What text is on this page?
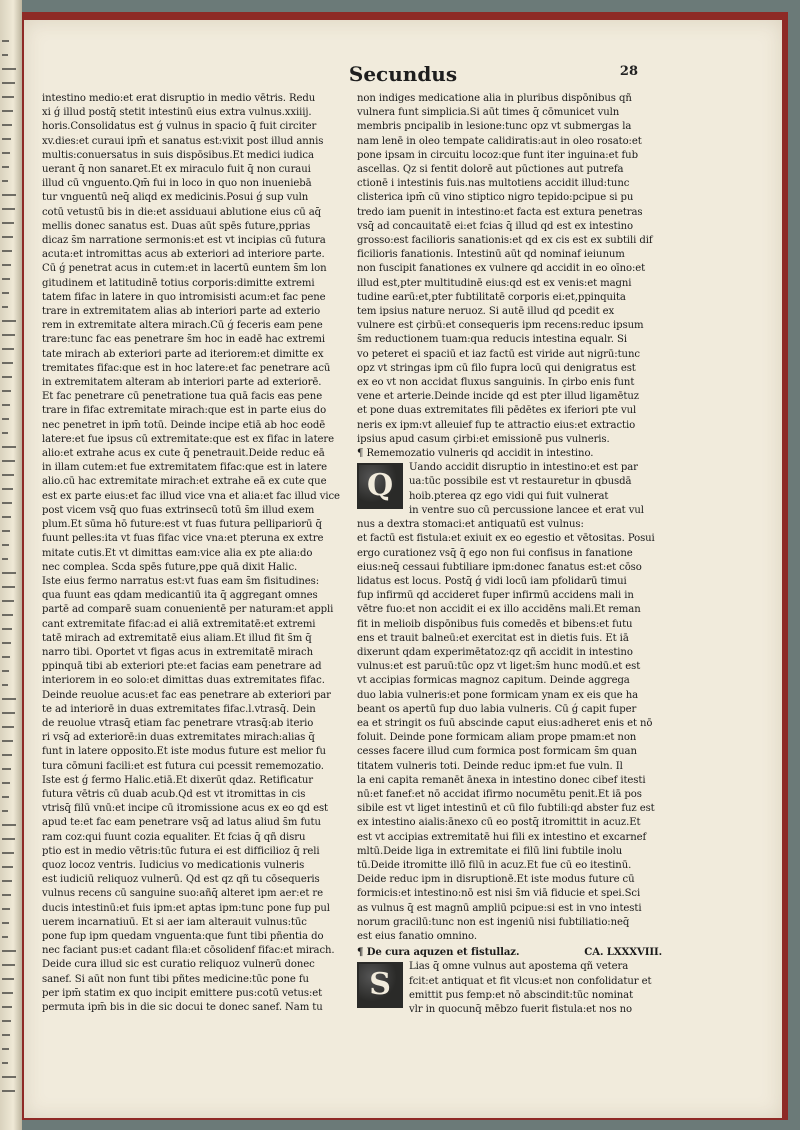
Secundus	28

intestino medio:et erat disruptio in medio vētris. Redu

xi ǵ illud postq̄ stetit intestinū eius extra vulnus.xxiiij.

horis.Consolidatus est ǵ vulnus in spacio q̄ fuit circiter

xv.dies:et curaui ipm̄ et sanatus est:vixit post illud annis

multis:conuersatus in suis dispōsibus.Et medici iudica

uerant q̄ non sanaret.Et ex miraculo fuit q̄ non curaui

illud cū vnguento.Qm̄ fui in loco in quo non inueniebā

tur vnguentū neq̄ aliqd ex medicinis.Posui ǵ sup vuln

cotū vetustū bis in die:et assiduaui ablutione eius cū aq̄

mellis donec sanatus est. Duas aūt spēs future,pprias

dicaz s̄m narratione sermonis:et est vt incipias cū futura

acuta:et intromittas acus ab exteriori ad interiore parte.

Cū ǵ penetrat acus in cutem:et in lacertū euntem s̄m lon

gitudinem et latitudinē totius corporis:dimitte extremi

tatem fifac in latere in quo intromisisti acum:et fac pene

trare in extremitatem alias ab interiori parte ad exterio

rem in extremitate altera mirach.Cū ǵ feceris eam pene

trare:tunc fac eas penetrare s̄m hoc in eadē hac extremi

tate mirach ab exteriori parte ad iteriorem:et dimitte ex

tremitates fifac:que est in hoc latere:et fac penetrare acū

in extremitatem alteram ab interiori parte ad exteriorē.

Et fac penetrare cū penetratione tua quā facis eas pene

trare in fifac extremitate mirach:que est in parte eius do

nec penetret in ipm̄ totū. Deinde incipe etiā ab hoc eodē

latere:et fue ipsus cū extremitate:que est ex fifac in latere

alio:et extrahe acus ex cute q̄ penetrauit.Deide reduc eā

in illam cutem:et fue extremitatem fifac:que est in latere

alio.cū hac extremitate mirach:et extrahe eā ex cute que

est ex parte eius:et fac illud vice vna et alia:et fac illud vice

post vicem vsq̄ quo fuas extrinsecū totū s̄m illud exem

plum.Et sūma hō future:est vt fuas futura pellipariorū q̄

fuunt pelles:ita vt fuas fifac vice vna:et pteruna ex extre

mitate cutis.Et vt dimittas eam:vice alia ex pte alia:do

nec complea. Scda spēs future,ppe quā dixit Halic.

Iste eius fermo narratus est:vt fuas eam s̄m fisitudines:

qua fuunt eas qdam medicantiū ita q̄ aggregant omnes

partē ad comparē suam conuenientē per naturam:et appli

cant extremitate fifac:ad ei aliā extremitatē:et extremi

tatē mirach ad extremitatē eius aliam.Et illud fit s̄m q̄

narro tibi. Oportet vt figas acus in extremitatē mirach

ppinquā tibi ab exteriori pte:et facias eam penetrare ad

interiorem in eo solo:et dimittas duas extremitates fifac.

Deinde reuolue acus:et fac eas penetrare ab exteriori par

te ad interiorē in duas extremitates fifac.l.vtrasq̄. Dein

de reuolue vtrasq̄ etiam fac penetrare vtrasq̄:ab iterio

ri vsq̄ ad exteriorē:in duas extremitates mirach:alias q̄

funt in latere opposito.Et iste modus future est melior fu

tura cōmuni facili:et est futura cui pcessit rememozatio.

Iste est ǵ fermo Halic.etiā.Et dixerūt qdaz. Retificatur

futura vētris cū duab acub.Qd est vt itromittas in cis

vtrisq̄ filū vnū:et incipe cū itromissione acus ex eo qd est

apud te:et fac eam penetrare vsq̄ ad latus aliud s̄m futu

ram coz:qui fuunt cozia equaliter. Et fcias q̄ qñ disru

ptio est in medio vētris:tūc futura ei est difficilioz q̄ reli

quoz locoz ventris. Iudicius vo medicationis vulneris

est iudiciū reliquoz vulnerū. Qd est qz qñ tu cōsequeris

vulnus recens cū sanguine suo:añq̄ alteret ipm aer:et re

ducis intestinū:et fuis ipm:et aptas ipm:tunc pone fup pul

uerem incarnatiuū. Et si aer iam alterauit vulnus:tūc

pone fup ipm quedam vnguenta:que funt tibi pñentia do

nec faciant pus:et cadant fila:et cōsolidenf fifac:et mirach.

Deide cura illud sic est curatio reliquoz vulnerū donec

sanef. Si aūt non funt tibi pñtes medicine:tūc pone fu

per ipm̄ statim ex quo incipit emittere pus:cotū vetus:et

permuta ipm̄ bis in die sic docui te donec sanef. Nam tu

non indiges medicatione alia in pluribus dispōnibus qñ

vulnera funt simplicia.Si aūt times q̄ cōmunicet vuln

membris pncipalib in lesione:tunc opz vt submergas la

nam lenē in oleo tempate calidiratis:aut in oleo rosato:et

pone ipsam in circuitu locoz:que funt iter inguina:et fub

ascellas. Qz si fentit dolorē aut pūctiones aut putrefa

ctionē i intestinis fuis.nas multotiens accidit illud:tunc

clisterica ipm̄ cū vino stiptico nigro tepido:pcipue si pu

tredo iam puenit in intestino:et facta est extura penetras

vsq̄ ad concauitatē ei:et fcias q̄ illud qd est ex intestino

grosso:est facilioris sanationis:et qd ex cis est ex subtili dif

ficilioris fanationis. Intestinū aūt qd nominaf ieiunum

non fuscipit fanationes ex vulnere qd accidit in eo oīno:et

illud est,pter multitudinē eius:qd est ex venis:et magni

tudine earū:et,pter fubtilitatē corporis ei:et,ppinquita

tem ipsius nature neruoz. Si autē illud qd pcedit ex

vulnere est çirbū:et consequeris ipm recens:reduc ipsum

s̄m reductionem tuam:qua reducis intestina equalr. Si

vo peteret ei spaciū et iaz factū est viride aut nigrū:tunc

opz vt stringas ipm cū filo fupra locū qui denigratus est

ex eo vt non accidat fluxus sanguinis. In çirbo enis funt

vene et arterie.Deinde incide qd est pter illud ligamētuz

et pone duas extremitates fili pēdētes ex iferiori pte vul

neris ex ipm:vt alleuief fup te attractio eius:et extractio

ipsius apud casum çirbi:et emissionē pus vulneris.

¶ Rememozatio vulneris qd accidit in intestino.

Q

Uando accidit disruptio in intestino:et est par

ua:tūc possibile est vt restauretur in qbusdā

hoib.pterea qz ego vidi qui fuit vulnerat

in ventre suo cū percussione lancee et erat vul

nus a dextra stomaci:et antiquatū est vulnus:

et factū est fistula:et exiuit ex eo egestio et vētositas. Posui

ergo curationez vsq̄ q̄ ego non fui confisus in fanatione

eius:neq̄ cessaui fubtiliare ipm:donec fanatus est:et cōso

lidatus est locus. Postq̄ ǵ vidi locū iam pfolidarū timui

fup infirmū qd accideret fuper infirmū accidens mali in

vētre fuo:et non accidit ei ex illo accidēns mali.Et reman

fit in melioib dispōnibus fuis comedēs et bibens:et futu

ens et trauit balneū:et exercitat est in dietis fuis. Et iā

dixerunt qdam experimētatoz:qz qñ accidit in intestino

vulnus:et est paruū:tūc opz vt liget:s̄m hunc modū.et est

vt accipias formicas magnoz capitum. Deinde aggrega

duo labia vulneris:et pone formicam ynam ex eis que ha

beant os apertū fup duo labia vulneris. Cū ǵ capit fuper

ea et stringit os fuū abscinde caput eius:adheret enis et nō

foluit. Deinde pone formicam aliam prope pmam:et non

cesses facere illud cum formica post formicam s̄m quan

titatem vulneris toti. Deinde reduc ipm:et fue vuln. Il

la eni capita remanēt ānexa in intestino donec cibef itesti

nū:et fanef:et nō accidat ifirmo nocumētu penit.Et iā pos

sibile est vt liget intestinū et cū filo fubtili:qd abster fuz est

ex intestino aialis:ānexo cū eo postq̄ itromittit in acuz.Et

est vt accipias extremitatē hui fili ex intestino et excarnef

mltū.Deide liga in extremitate ei filū lini fubtile inolu

tū.Deide itromitte illō filū in acuz.Et fue cū eo itestinū.

Deide reduc ipm in disruptionē.Et iste modus future cū

formicis:et intestino:nō est nisi s̄m viā fiducie et spei.Sci

as vulnus q̄ est magnū ampliū pcipue:si est in vno intesti

norum gracilū:tunc non est ingeniū nisi fubtiliatio:neq̄

est eius fanatio omnino.

¶ De cura aquzen et fistullaz.	CA. LXXXVIII.
S

Lias q̄ omne vulnus aut apostema qñ vetera

fcit:et antiquat et fit vlcus:et non confolidatur et

emittit pus femp:et nō abscindit:tūc nominat

vlr in quocunq̄ mēbzo fuerit fistula:et nos no
